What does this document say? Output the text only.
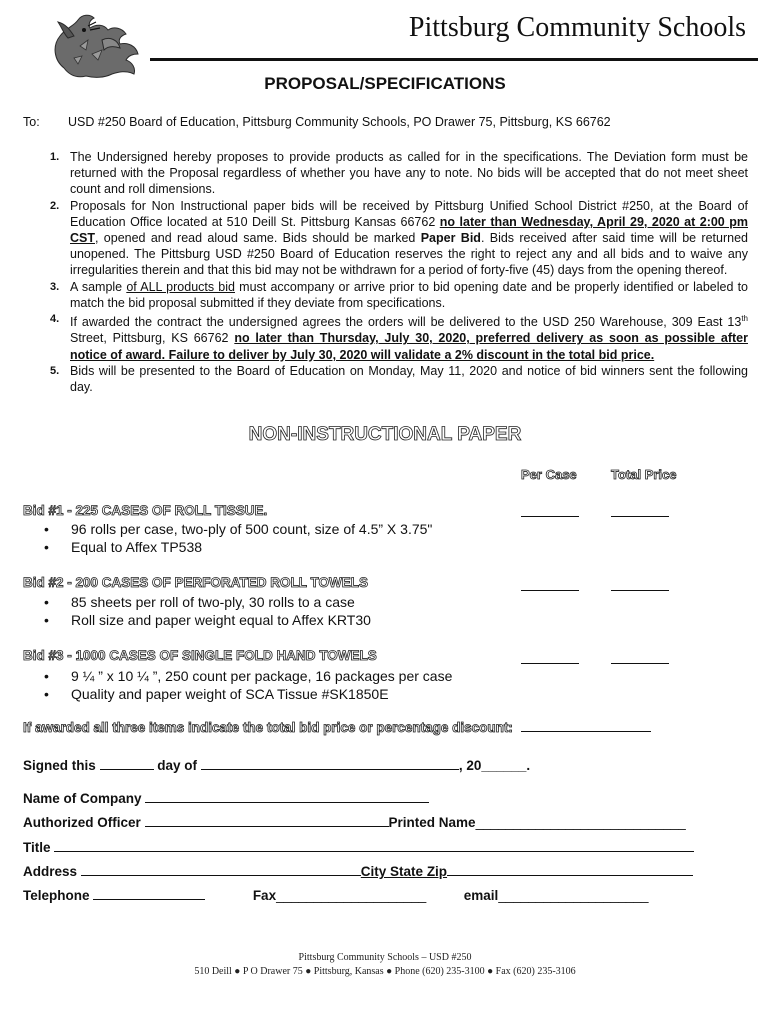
Pittsburg Community Schools
PROPOSAL/SPECIFICATIONS
To: USD #250 Board of Education, Pittsburg Community Schools, PO Drawer 75, Pittsburg, KS 66762
1. The Undersigned hereby proposes to provide products as called for in the specifications. The Deviation form must be returned with the Proposal regardless of whether you have any to note. No bids will be accepted that do not meet sheet count and roll dimensions.
2. Proposals for Non Instructional paper bids will be received by Pittsburg Unified School District #250, at the Board of Education Office located at 510 Deill St. Pittsburg Kansas 66762 no later than Wednesday, April 29, 2020 at 2:00 pm CST, opened and read aloud same. Bids should be marked Paper Bid. Bids received after said time will be returned unopened. The Pittsburg USD #250 Board of Education reserves the right to reject any and all bids and to waive any irregularities therein and that this bid may not be withdrawn for a period of forty-five (45) days from the opening thereof.
3. A sample of ALL products bid must accompany or arrive prior to bid opening date and be properly identified or labeled to match the bid proposal submitted if they deviate from specifications.
4. If awarded the contract the undersigned agrees the orders will be delivered to the USD 250 Warehouse, 309 East 13th Street, Pittsburg, KS 66762 no later than Thursday, July 30, 2020, preferred delivery as soon as possible after notice of award. Failure to deliver by July 30, 2020 will validate a 2% discount in the total bid price.
5. Bids will be presented to the Board of Education on Monday, May 11, 2020 and notice of bid winners sent the following day.
NON-INSTRUCTIONAL PAPER
Per Case	Total Price
Bid #1 - 225 CASES OF ROLL TISSUE.
• 96 rolls per case, two-ply of 500 count, size of 4.5” X 3.75"
• Equal to Affex TP538
Bid #2 - 200 CASES OF PERFORATED ROLL TOWELS
• 85 sheets per roll of two-ply, 30 rolls to a case
• Roll size and paper weight equal to Affex KRT30
Bid #3 - 1000 CASES OF SINGLE FOLD HAND TOWELS
• 9 ¼ ” x 10 ¼ ”, 250 count per package, 16 packages per case
• Quality and paper weight of SCA Tissue #SK1850E
If awarded all three items indicate the total bid price or percentage discount:
Signed this	day of	, 20______.
Name of Company
Authorized Officer	Printed Name____________________________
Title
Address	City State Zip
Telephone	Fax____________________	email____________________
Pittsburg Community Schools – USD #250
510 Deill ● P O Drawer 75 ● Pittsburg, Kansas ● Phone (620) 235-3100 ● Fax (620) 235-3106
